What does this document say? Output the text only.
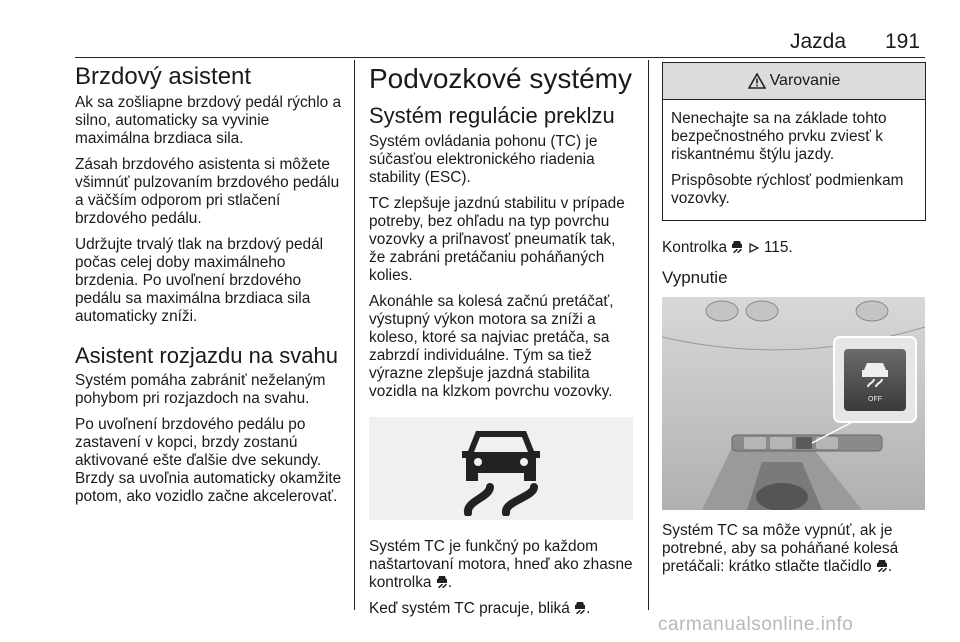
Jazda 191
Brzdový asistent

Ak sa zošliapne brzdový pedál rýchlo a silno, automaticky sa vyvinie maximálna brzdiaca sila.

Zásah brzdového asistenta si môžete všimnúť pulzovaním brzdového pedálu a väčším odporom pri stlačení brzdového pedálu.

Udržujte trvalý tlak na brzdový pedál počas celej doby maximálneho brzdenia. Po uvoľnení brzdového pedálu sa maximálna brzdiaca sila automaticky zníži.

Asistent rozjazdu na svahu

Systém pomáha zabrániť neželaným pohybom pri rozjazdoch na svahu.

Po uvoľnení brzdového pedálu po zastavení v kopci, brzdy zostanú aktivované ešte ďalšie dve sekundy. Brzdy sa uvoľnia automaticky okamžite potom, ako vozidlo začne akcelerovať.

Podvozkové systémy
Systém regulácie preklzu

Systém ovládania pohonu (TC) je súčasťou elektronického riadenia stability (ESC).

TC zlepšuje jazdnú stabilitu v prípade potreby, bez ohľadu na typ povrchu vozovky a priľnavosť pneumatík tak, že zabráni pretáčaniu poháňaných kolies.

Akonáhle sa kolesá začnú pretáčať, výstupný výkon motora sa zníži a koleso, ktoré sa najviac pretáča, sa zabrzdí individuálne. Tým sa tiež výrazne zlepšuje jazdná stabilita vozidla na klzkom povrchu vozovky.

Systém TC je funkčný po každom naštartovaní motora, hneď ako zhasne kontrolka .

Keď systém TC pracuje, bliká .

Varovanie

Nenechajte sa na základe tohto bezpečnostného prvku zviesť k riskantnému štýlu jazdy.

Prispôsobte rýchlosť podmienkam vozovky.

Kontrolka 115.

Vypnutie
OFF

Systém TC sa môže vypnúť, ak je potrebné, aby sa poháňané kolesá pretáčali: krátko stlačte tlačidlo .

carmanualsonline.info
